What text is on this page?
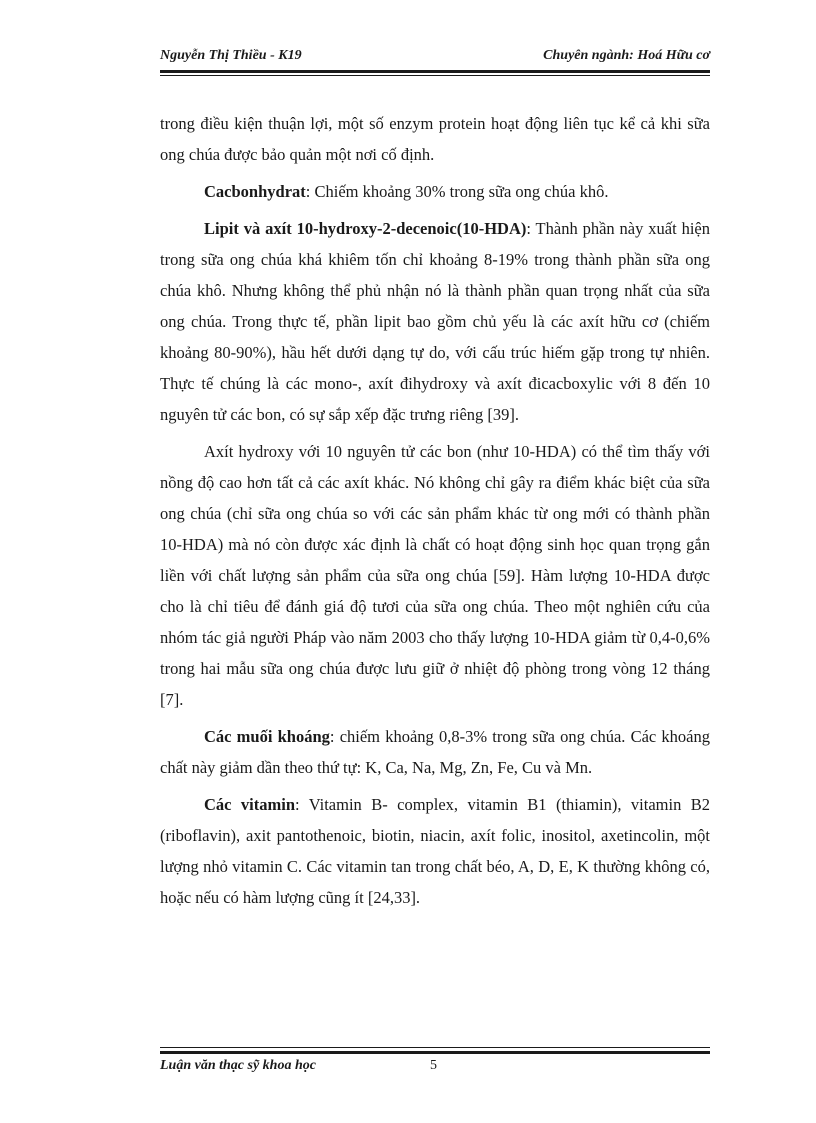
Nguyễn Thị Thiều - K19	Chuyên ngành: Hoá Hữu cơ

trong điều kiện thuận lợi, một số enzym protein hoạt động liên tục kể cả khi sữa ong chúa được bảo quản một nơi cố định.

Cacbonhydrat: Chiếm khoảng 30% trong sữa ong chúa khô.

Lipit và axít 10-hydroxy-2-decenoic(10-HDA): Thành phần này xuất hiện trong sữa ong chúa khá khiêm tốn chỉ khoảng 8-19% trong thành phần sữa ong chúa khô. Nhưng không thể phủ nhận nó là thành phần quan trọng nhất của sữa ong chúa. Trong thực tế, phần lipit bao gồm chủ yếu là các axít hữu cơ (chiếm khoảng 80-90%), hầu hết dưới dạng tự do, với cấu trúc hiếm gặp trong tự nhiên. Thực tế chúng là các mono-, axít đihydroxy và axít đicacboxylic với 8 đến 10 nguyên tử các bon, có sự sắp xếp đặc trưng riêng [39].

Axít hydroxy với 10 nguyên tử các bon (như 10-HDA) có thể tìm thấy với nồng độ cao hơn tất cả các axít khác. Nó không chỉ gây ra điểm khác biệt của sữa ong chúa (chỉ sữa ong chúa so với các sản phẩm khác từ ong mới có thành phần 10-HDA) mà nó còn được xác định là chất có hoạt động sinh học quan trọng gắn liền với chất lượng sản phẩm của sữa ong chúa [59]. Hàm lượng 10-HDA được cho là chỉ tiêu để đánh giá độ tươi của sữa ong chúa. Theo một nghiên cứu của nhóm tác giả người Pháp vào năm 2003 cho thấy lượng 10-HDA giảm từ 0,4-0,6% trong hai mẫu sữa ong chúa được lưu giữ ở nhiệt độ phòng trong vòng 12 tháng [7].

Các muối khoáng: chiếm khoảng 0,8-3% trong sữa ong chúa. Các khoáng chất này giảm dần theo thứ tự: K, Ca, Na, Mg, Zn, Fe, Cu và Mn.

Các vitamin: Vitamin B- complex, vitamin B1 (thiamin), vitamin B2 (riboflavin), axit pantothenoic, biotin, niacin, axít folic, inositol, axetincolin, một lượng nhỏ vitamin C. Các vitamin tan trong chất béo, A, D, E, K thường không có, hoặc nếu có hàm lượng cũng ít [24,33].

Luận văn thạc sỹ khoa học	5
